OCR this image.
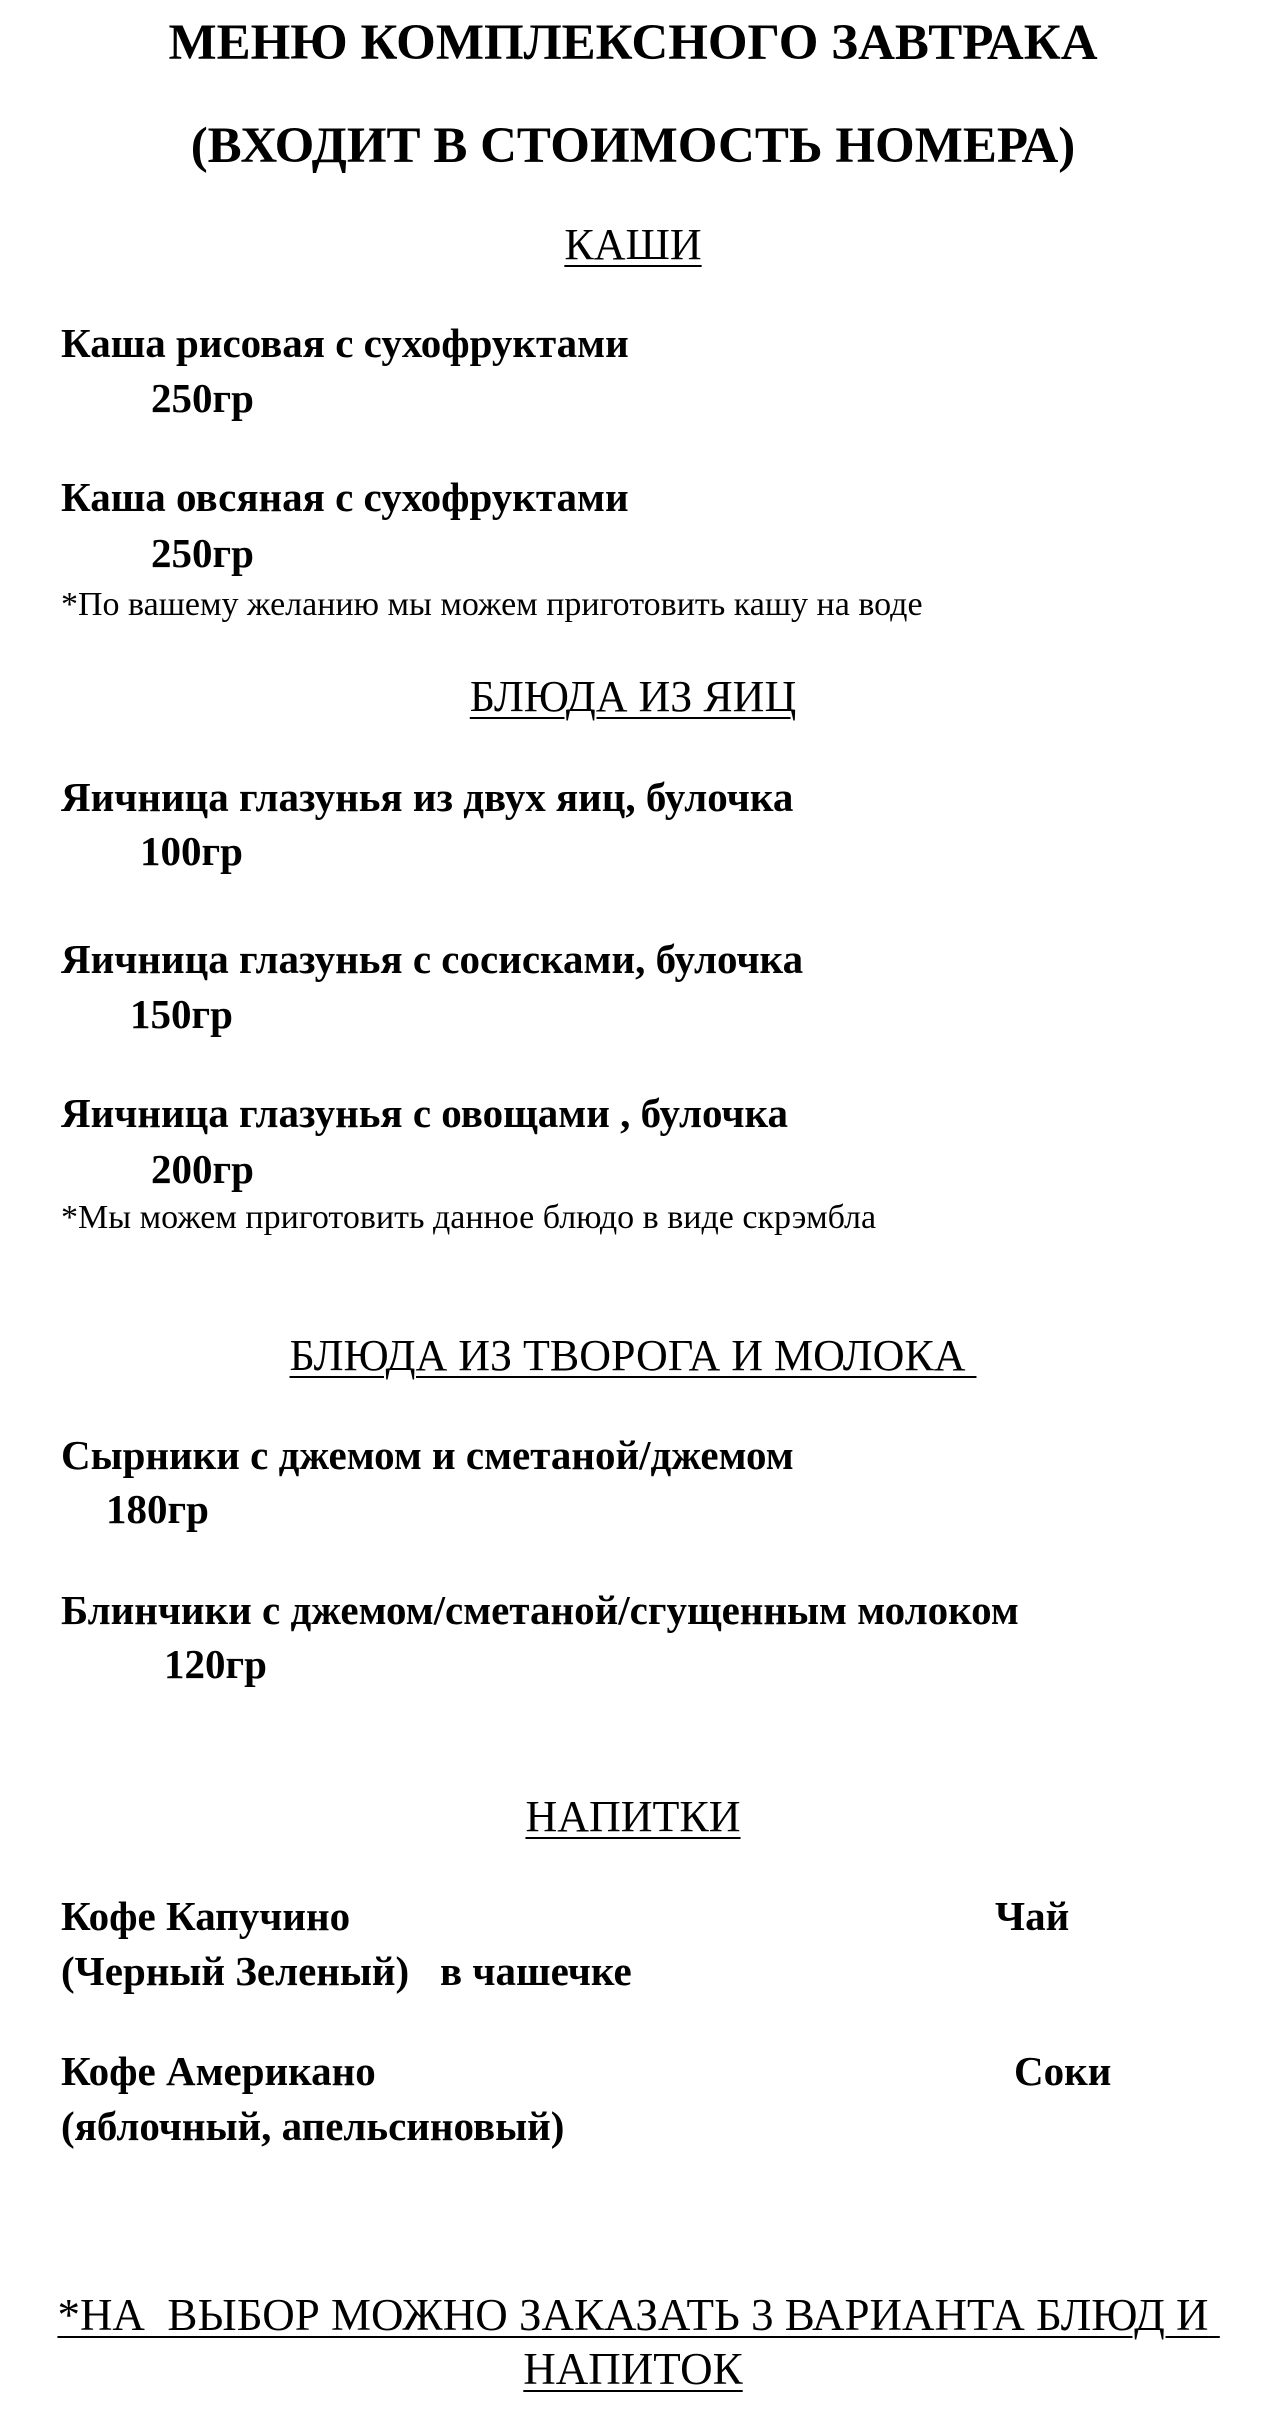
МЕНЮ КОМПЛЕКСНОГО ЗАВТРАКА
(ВХОДИТ В СТОИМОСТЬ НОМЕРА)
КАШИ
Каша рисовая с сухофруктами
250гр
Каша овсяная с сухофруктами
250гр
*По вашему желанию мы можем приготовить кашу на воде
БЛЮДА ИЗ ЯИЦ
Яичница глазунья из двух яиц, булочка
100гр
Яичница глазунья с сосисками, булочка
150гр
Яичница глазунья с овощами , булочка
200гр
*Мы можем приготовить данное блюдо в виде скрэмбла
БЛЮДА ИЗ ТВОРОГА И МОЛОКА
Сырники с джемом и сметаной/джемом
180гр
Блинчики с джемом/сметаной/сгущенным молоком
120гр
НАПИТКИ
Кофе Капучино	Чай
(Черный Зеленый)   в чашечке
Кофе Американо	Соки
(яблочный, апельсиновый)
*НА  ВЫБОР МОЖНО ЗАКАЗАТЬ 3 ВАРИАНТА БЛЮД И НАПИТОК
